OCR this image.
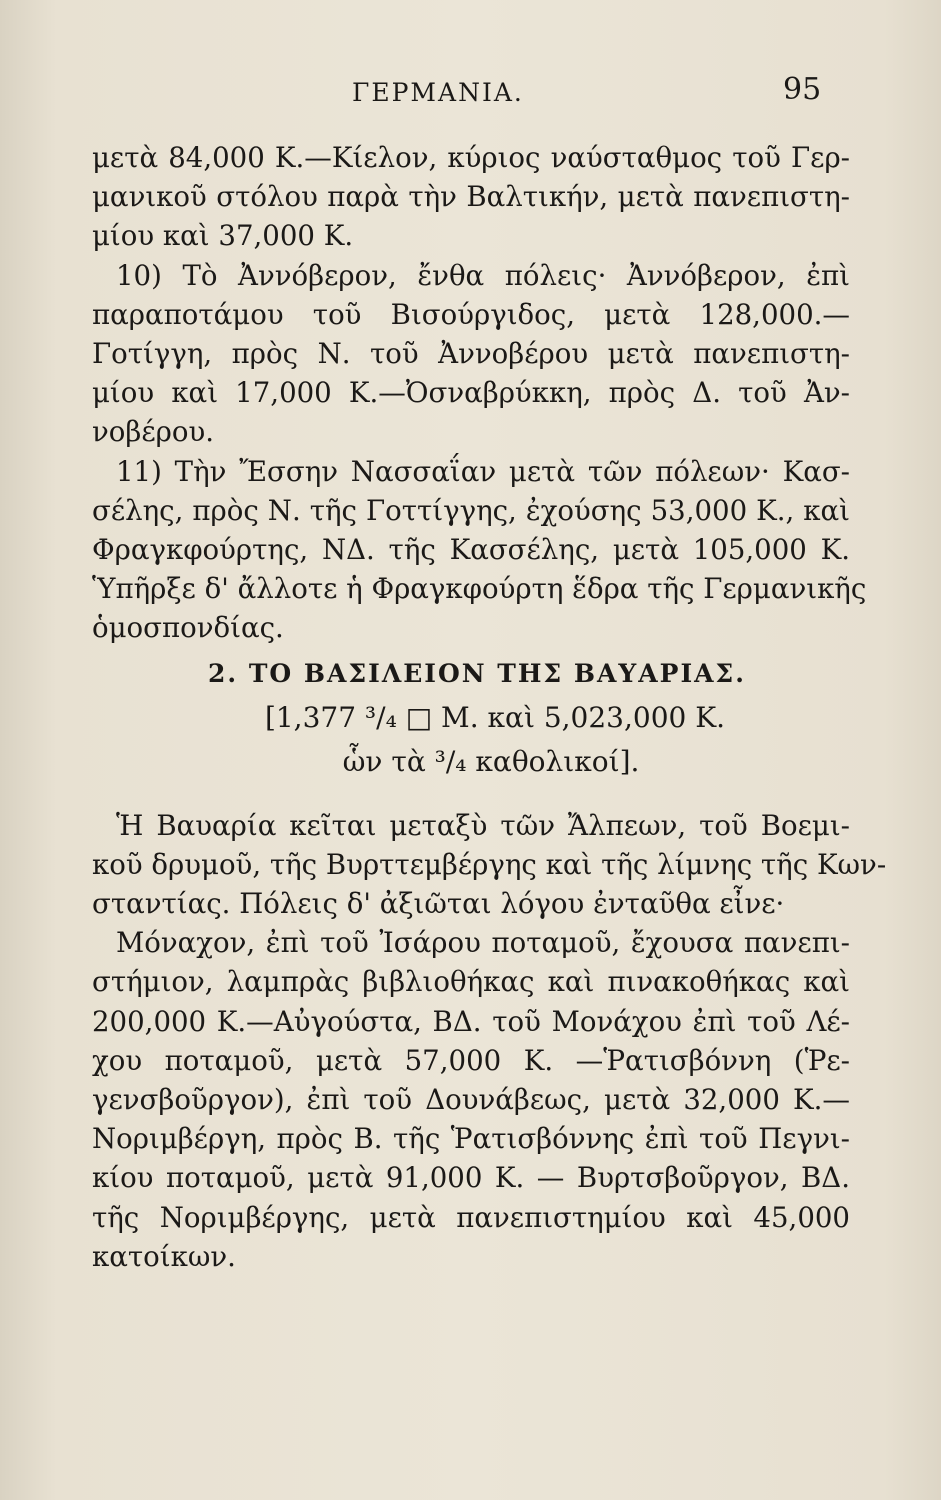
ΓΕΡΜΑΝΙΑ.	95

μετὰ 84,000 Κ.—Κίελον, κύριος ναύσταθμος τοῦ Γερ-
μανικοῦ στόλου παρὰ τὴν Βαλτικήν, μετὰ πανεπιστη-
μίου καὶ 37,000 Κ.

10) Τὸ Ἀννόβερον, ἔνθα πόλεις· Ἀννόβερον, ἐπὶ
παραποτάμου τοῦ Βισούργιδος, μετὰ 128,000.—
Γοτίγγη, πρὸς Ν. τοῦ Ἀννοβέρου μετὰ πανεπιστη-
μίου καὶ 17,000 Κ.—Ὀσναβρύκκη, πρὸς Δ. τοῦ Ἀν-
νοβέρου.

11) Τὴν Ἔσσην Νασσαΐαν μετὰ τῶν πόλεων· Κασ-
σέλης, πρὸς Ν. τῆς Γοττίγγης, ἐχούσης 53,000 Κ., καὶ
Φραγκφούρτης, ΝΔ. τῆς Κασσέλης, μετὰ 105,000 Κ.
Ὑπῆρξε δ' ἄλλοτε ἡ Φραγκφούρτη ἕδρα τῆς Γερμανικῆς
ὁμοσπονδίας.

2. ΤΟ ΒΑΣΙΛΕΙΟΝ ΤΗΣ ΒΑΥΑΡΙΑΣ.
[1,377 ³/₄ □ Μ. καὶ 5,023,000 Κ.
ὧν τὰ ³/₄ καθολικοί].

Ἡ Βαυαρία κεῖται μεταξὺ τῶν Ἄλπεων, τοῦ Βοεμι-
κοῦ δρυμοῦ, τῆς Βυρττεμβέργης καὶ τῆς λίμνης τῆς Κων-
σταντίας. Πόλεις δ' ἀξιῶται λόγου ἐνταῦθα εἶνε·

Μόναχον, ἐπὶ τοῦ Ἰσάρου ποταμοῦ, ἔχουσα πανεπι-
στήμιον, λαμπρὰς βιβλιοθήκας καὶ πινακοθήκας καὶ
200,000 Κ.—Αὐγούστα, ΒΔ. τοῦ Μονάχου ἐπὶ τοῦ Λέ-
χου ποταμοῦ, μετὰ 57,000 Κ. —Ῥατισβόννη (Ῥε-
γενσβοῦργον), ἐπὶ τοῦ Δουνάβεως, μετὰ 32,000 Κ.—
Νοριμβέργη, πρὸς Β. τῆς Ῥατισβόννης ἐπὶ τοῦ Πεγνι-
κίου ποταμοῦ, μετὰ 91,000 Κ. — Βυρτσβοῦργον, ΒΔ.
τῆς Νοριμβέργης, μετὰ πανεπιστημίου καὶ 45,000
κατοίκων.
